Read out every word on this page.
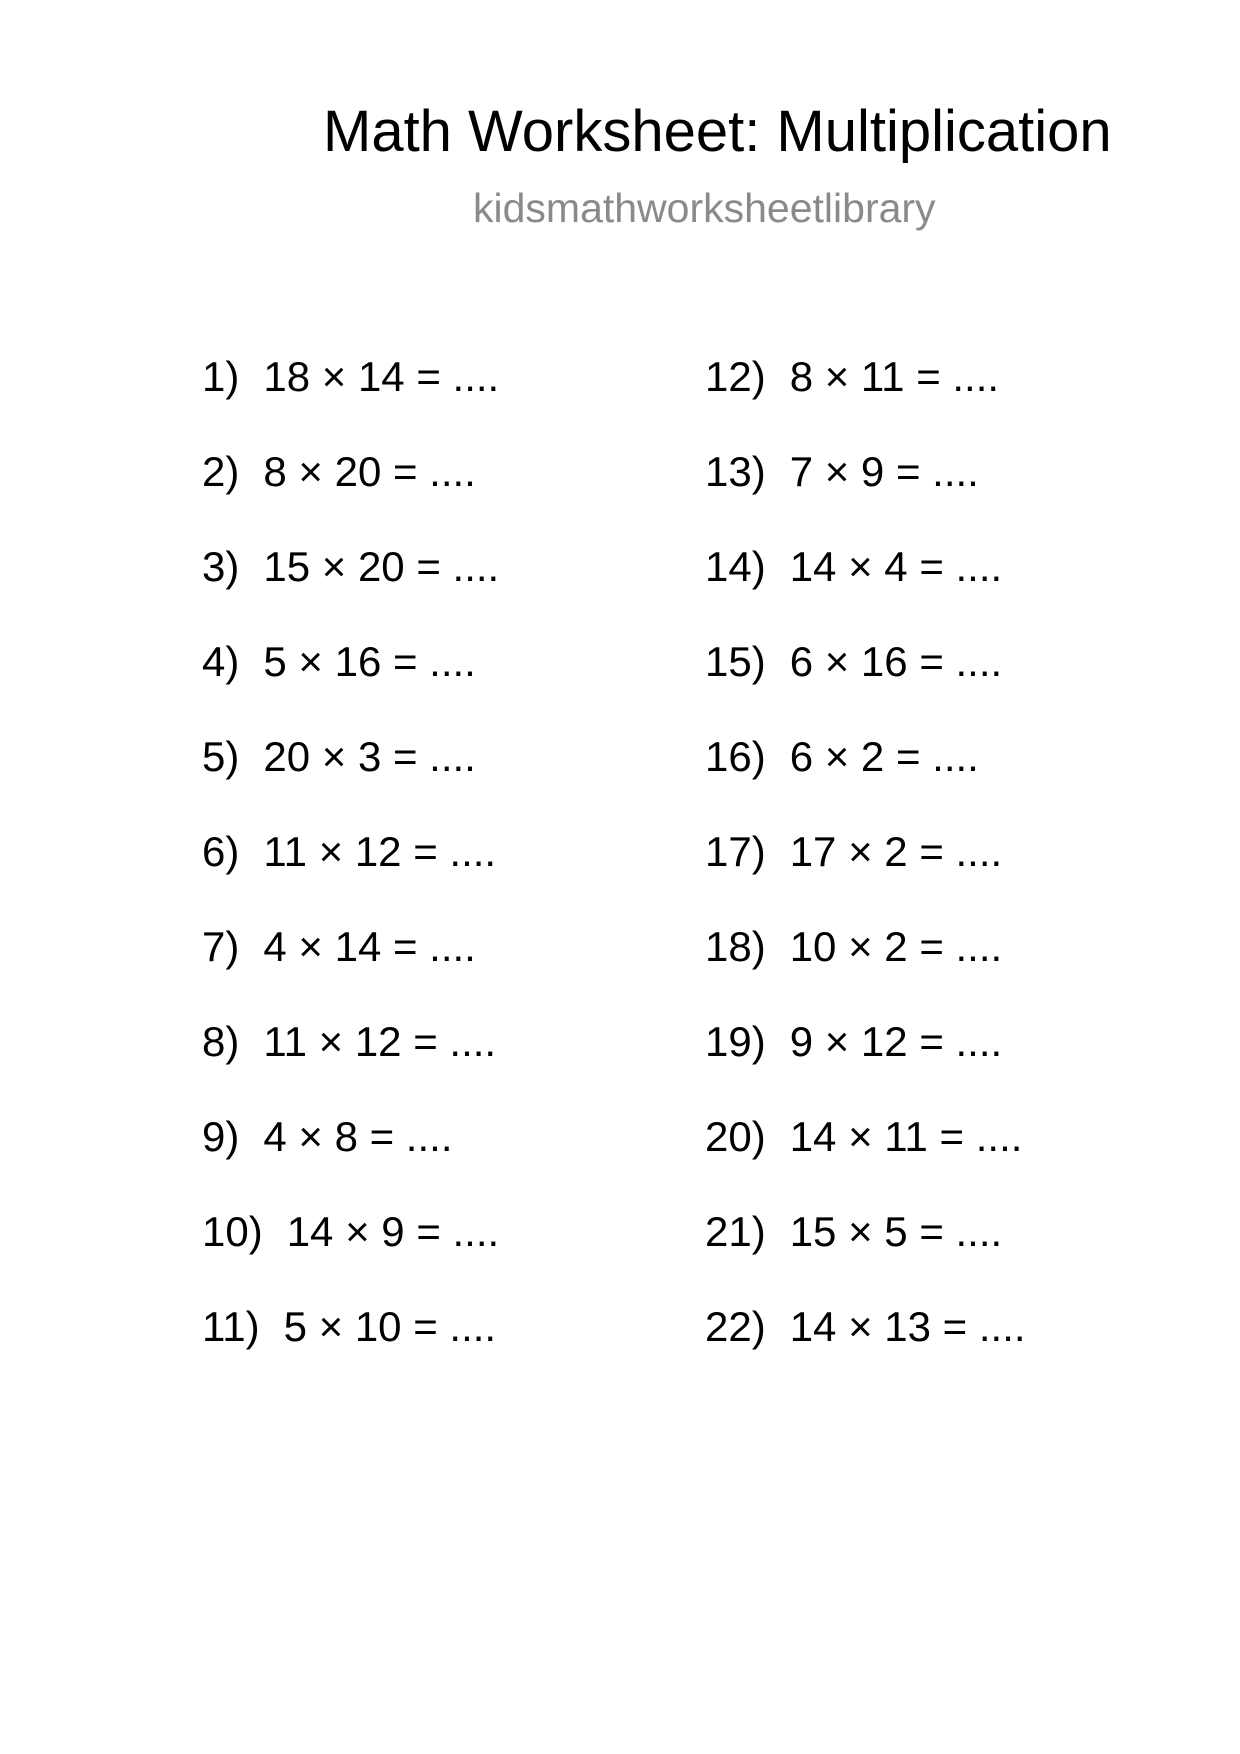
Math Worksheet: Multiplication
kidsmathworksheetlibrary
1) 18 × 14 = ....
2) 8 × 20 = ....
3) 15 × 20 = ....
4) 5 × 16 = ....
5) 20 × 3 = ....
6) 11 × 12 = ....
7) 4 × 14 = ....
8) 11 × 12 = ....
9) 4 × 8 = ....
10) 14 × 9 = ....
11) 5 × 10 = ....
12) 8 × 11 = ....
13) 7 × 9 = ....
14) 14 × 4 = ....
15) 6 × 16 = ....
16) 6 × 2 = ....
17) 17 × 2 = ....
18) 10 × 2 = ....
19) 9 × 12 = ....
20) 14 × 11 = ....
21) 15 × 5 = ....
22) 14 × 13 = ....
